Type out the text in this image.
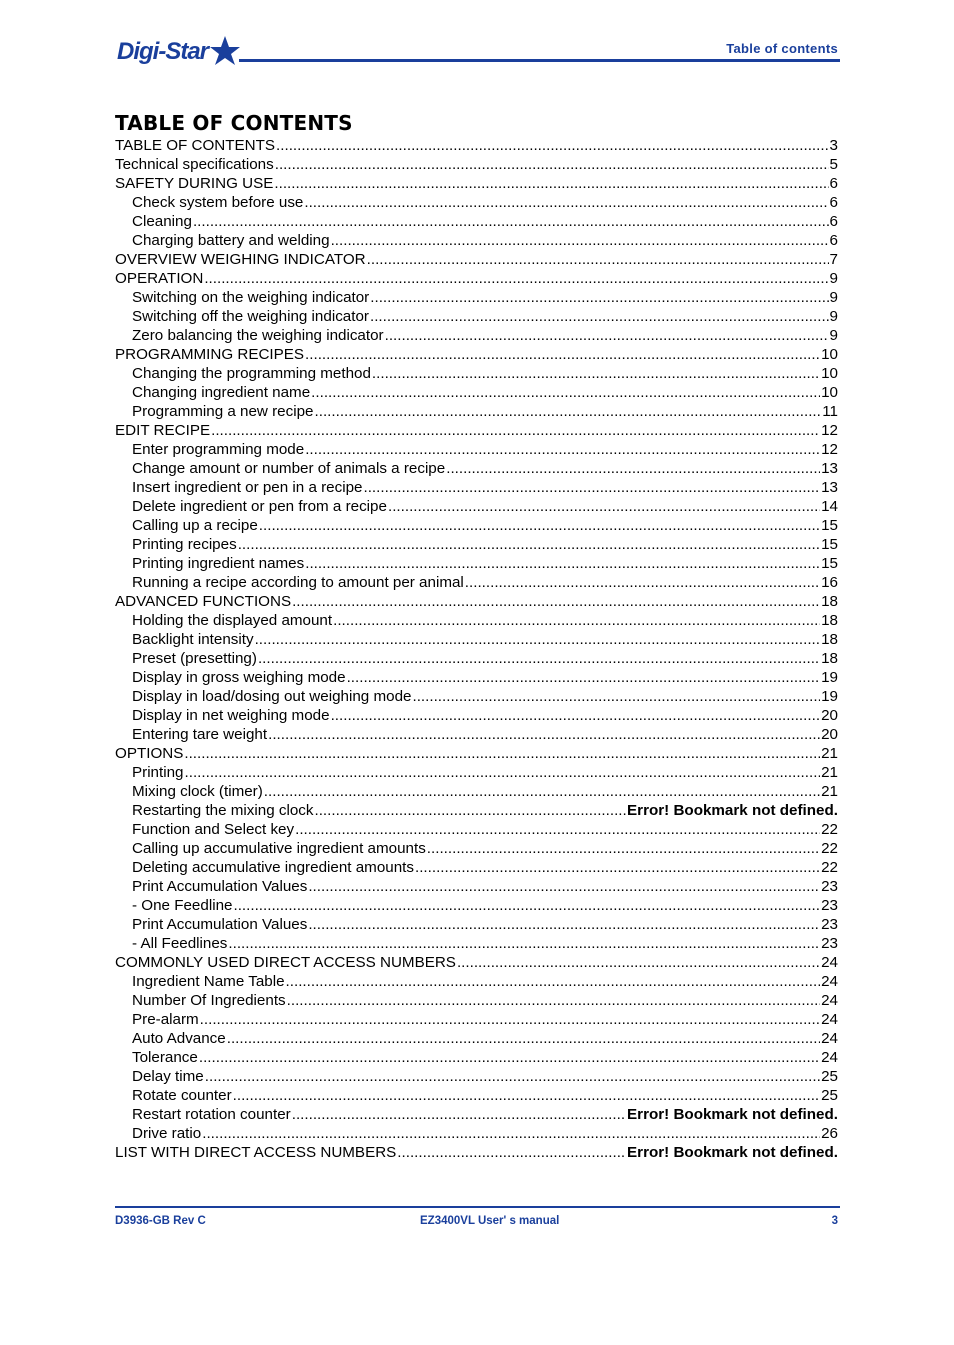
Digi-Star	Table of contents
TABLE OF CONTENTS
TABLE OF CONTENTS .....	3
Technical specifications .....	5
SAFETY DURING USE .....	6
Check system before use .....	6
Cleaning .....	6
Charging battery and welding .....	6
OVERVIEW WEIGHING INDICATOR .....	7
OPERATION .....	9
Switching on the weighing indicator .....	9
Switching off the weighing indicator .....	9
Zero balancing the weighing indicator .....	9
PROGRAMMING RECIPES .....	10
Changing the programming method .....	10
Changing ingredient name .....	10
Programming a new recipe .....	11
EDIT RECIPE .....	12
Enter programming mode .....	12
Change amount or number of animals a recipe .....	13
Insert ingredient or pen in a recipe .....	13
Delete ingredient or pen from a recipe .....	14
Calling up a recipe .....	15
Printing recipes .....	15
Printing ingredient names .....	15
Running a recipe according to amount per animal .....	16
ADVANCED FUNCTIONS .....	18
Holding the displayed amount .....	18
Backlight intensity .....	18
Preset (presetting) .....	18
Display in gross weighing mode .....	19
Display in load/dosing out weighing mode .....	19
Display in net weighing mode .....	20
Entering tare weight .....	20
OPTIONS .....	21
Printing .....	21
Mixing clock (timer) .....	21
Restarting the mixing clock .....	Error! Bookmark not defined.
Function and Select key .....	22
Calling up accumulative ingredient amounts .....	22
Deleting accumulative ingredient amounts .....	22
Print Accumulation Values .....	23
- One Feedline .....	23
Print Accumulation Values .....	23
- All Feedlines .....	23
COMMONLY USED DIRECT ACCESS NUMBERS .....	24
Ingredient Name Table .....	24
Number Of Ingredients .....	24
Pre-alarm .....	24
Auto Advance .....	24
Tolerance .....	24
Delay time .....	25
Rotate counter .....	25
Restart rotation counter .....	Error! Bookmark not defined.
Drive ratio .....	26
LIST WITH DIRECT ACCESS NUMBERS .....	Error! Bookmark not defined.
D3936-GB Rev C	EZ3400VL User' s manual	3
